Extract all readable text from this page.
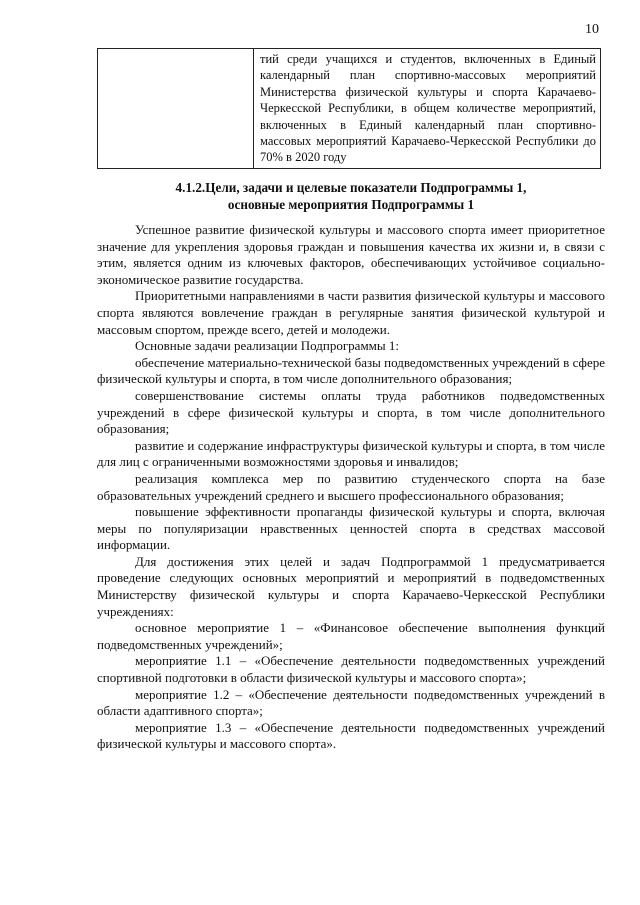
10
	тий среди учащихся и студентов, включенных в Единый календарный план спортивно-массовых мероприятий Министерства физической культуры и спорта Карачаево-Черкесской Республики, в общем количестве мероприятий, включенных в Единый календарный план спортивно-массовых мероприятий Карачаево-Черкесской Республики до 70% в 2020 году
4.1.2.Цели, задачи и целевые показатели Подпрограммы 1,
основные мероприятия Подпрограммы 1

Успешное развитие физической культуры и массового спорта имеет приоритетное значение для укрепления здоровья граждан и повышения качества их жизни и, в связи с этим, является одним из ключевых факторов, обеспечивающих устойчивое социально-экономическое развитие государства.

Приоритетными направлениями в части развития физической культуры и массового спорта являются вовлечение граждан в регулярные занятия физической культурой и массовым спортом, прежде всего, детей и молодежи.

Основные задачи реализации Подпрограммы 1:

обеспечение материально-технической базы подведомственных учреждений в сфере физической культуры и спорта, в том числе дополнительного образования;

совершенствование системы оплаты труда работников подведомственных учреждений в сфере физической культуры и спорта, в том числе дополнительного образования;

развитие и содержание инфраструктуры физической культуры и спорта, в том числе для лиц с ограниченными возможностями здоровья и инвалидов;

реализация комплекса мер по развитию студенческого спорта на базе образовательных учреждений среднего и высшего профессионального образования;

повышение эффективности пропаганды физической культуры и спорта, включая меры по популяризации нравственных ценностей спорта в средствах массовой информации.

Для достижения этих целей и задач Подпрограммой 1 предусматривается проведение следующих основных мероприятий и мероприятий в подведомственных Министерству физической культуры и спорта Карачаево-Черкесской Республики учреждениях:

основное мероприятие 1 – «Финансовое обеспечение выполнения функций подведомственных учреждений»;

мероприятие 1.1 – «Обеспечение деятельности подведомственных учреждений спортивной подготовки в области физической культуры и массового спорта»;

мероприятие 1.2 – «Обеспечение деятельности подведомственных учреждений в области адаптивного спорта»;

мероприятие 1.3 – «Обеспечение деятельности подведомственных учреждений физической культуры и массового спорта».
